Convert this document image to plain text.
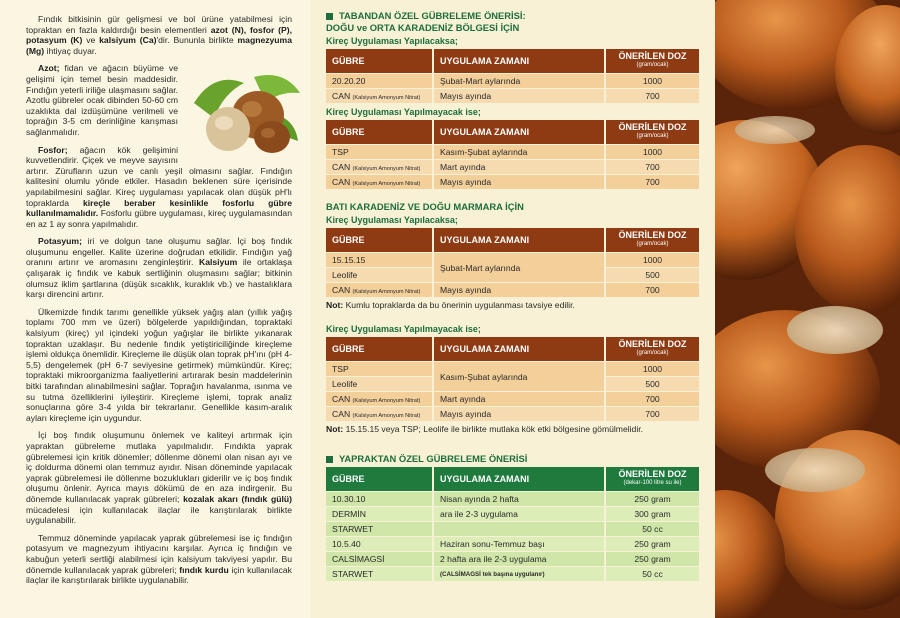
Fındık bitkisinin gür gelişmesi ve bol ürüne yatabilmesi için topraktan en fazla kaldırdığı besin elementleri azot (N), fosfor (P), potasyum (K) ve kalsiyum (Ca)'dir. Bununla birlikte magnezyuma (Mg) ihtiyaç duyar.

Azot; fidan ve ağacın büyüme ve gelişimi için temel besin maddesidir. Fındığın yeterli iriliğe ulaşmasını sağlar. Azotlu gübreler ocak dibinden 50-60 cm uzaklıkta dal izdüşümüne verilmeli ve toprağın 3-5 cm derinliğine karışması sağlanmalıdır.

Fosfor; ağacın kök gelişimini kuvvetlendirir. Çiçek ve meyve sayısını artırır. Zürufların uzun ve canlı yeşil olmasını sağlar. Fındığın kalitesini olumlu yönde etkiler. Hasadın beklenen süre içerisinde yapılabilmesini sağlar. Kireç uygulaması yapılacak olan düşük pH'lı topraklarda kireçle beraber kesinlikle fosforlu gübre kullanılmamalıdır. Fosforlu gübre uygulaması, kireç uygulamasından en az 1 ay sonra yapılmalıdır.

Potasyum; iri ve dolgun tane oluşumu sağlar. İçi boş fındık oluşumunu engeller. Kalite üzerine doğrudan etkilidir. Fındığın yağ oranını artırır ve aromasını zenginleştirir. Kalsiyum ile ortaklaşa çalışarak iç fındık ve kabuk sertliğinin oluşmasını sağlar; bitkinin olumsuz iklim şartlarına (düşük sıcaklık, kuraklık vb.) ve hastalıklara karşı direncini artırır.

Ülkemizde fındık tarımı genellikle yüksek yağış alan (yıllık yağış toplamı 700 mm ve üzeri) bölgelerde yapıldığından, topraktaki kalsiyum (kireç) yıl içindeki yoğun yağışlar ile birlikte yıkanarak topraktan uzaklaşır. Bu nedenle fındık yetiştiriciliğinde kireçleme işlemi oldukça önemlidir. Kireçleme ile düşük olan toprak pH'ını (pH 4-5,5) dengelemek (pH 6-7 seviyesine getirmek) mümkündür. Kireç; topraktaki mikroorganizma faaliyetlerini artırarak besin maddelerinin bitki tarafından alınabilmesini sağlar. Toprağın havalanma, ısınma ve su tutma özelliklerini iyileştirir. Kireçleme işlemi, toprak analiz sonuçlarına göre 3-4 yılda bir tekrarlanır. Genellikle kasım-aralık ayları kireçleme için uygundur.

İçi boş fındık oluşumunu önlemek ve kaliteyi artırmak için yapraktan gübreleme mutlaka yapılmalıdır. Fındıkta yaprak gübrelemesi için kritik dönemler; döllenme dönemi olan nisan ayı ve iç doldurma dönemi olan temmuz ayıdır. Nisan döneminde yapılacak yaprak gübrelemesi ile döllenme bozuklukları giderilir ve iç boş fındık oluşumu önlenir. Ayrıca mayıs dökümü de en aza indirgenir. Bu dönemde kullanılacak yaprak gübreleri; kozalak akarı (fındık gülü) mücadelesi için kullanılacak ilaçlar ile karıştırılarak birlikte uygulanabilir.

Temmuz döneminde yapılacak yaprak gübrelemesi ise iç fındığın potasyum ve magnezyum ihtiyacını karşılar. Ayrıca iç fındığın ve kabuğun yeterli sertliği alabilmesi için kalsiyum takviyesi yapılır. Bu dönemde kullanılacak yaprak gübreleri; fındık kurdu için kullanılacak ilaçlar ile karıştırılarak birlikte uygulanabilir.

TABANDAN ÖZEL GÜBRELEME ÖNERİSİ:
DOĞU ve ORTA KARADENİZ BÖLGESİ İÇİN
Kireç Uygulaması Yapılacaksa;
GÜBRE	UYGULAMA ZAMANI	ÖNERİLEN DOZ
(gram/ocak)

20.20.20	Şubat-Mart aylarında	1000
CAN (Kalsiyum Amonyum Nitrat)	Mayıs ayında	700
Kireç Uygulaması Yapılmayacak ise;
GÜBRE	UYGULAMA ZAMANI	ÖNERİLEN DOZ
(gram/ocak)

TSP	Kasım-Şubat aylarında	1000
CAN (Kalsiyum Amonyum Nitrat)	Mart ayında	700
CAN (Kalsiyum Amonyum Nitrat)	Mayıs ayında	700
BATI KARADENİZ VE DOĞU MARMARA İÇİN
Kireç Uygulaması Yapılacaksa;
GÜBRE	UYGULAMA ZAMANI	ÖNERİLEN DOZ
(gram/ocak)

15.15.15	Şubat-Mart aylarında	1000
Leolife		500
CAN (Kalsiyum Amonyum Nitrat)	Mayıs ayında	700
Not: Kumlu topraklarda da bu önerinin uygulanması tavsiye edilir.
Kireç Uygulaması Yapılmayacak ise;
GÜBRE	UYGULAMA ZAMANI	ÖNERİLEN DOZ
(gram/ocak)

TSP	Kasım-Şubat aylarında	1000
Leolife		500
CAN (Kalsiyum Amonyum Nitrat)	Mart ayında	700
CAN (Kalsiyum Amonyum Nitrat)	Mayıs ayında	700
Not: 15.15.15 veya TSP; Leolife ile birlikte mutlaka kök etki bölgesine gömülmelidir.
YAPRAKTAN ÖZEL GÜBRELEME ÖNERİSİ
GÜBRE	UYGULAMA ZAMANI	ÖNERİLEN DOZ
(dekar-100 litre su ile)

10.30.10	Nisan ayında 2 hafta	250 gram
DERMİN	ara ile 2-3 uygulama	300 gram
STARWET		50 cc
10.5.40	Haziran sonu-Temmuz başı	250 gram
CALSİMAGSİ	2 hafta ara ile 2-3 uygulama	250 gram
STARWET	(CALSİMAGSİ tek başına uygulanır)	50 cc
